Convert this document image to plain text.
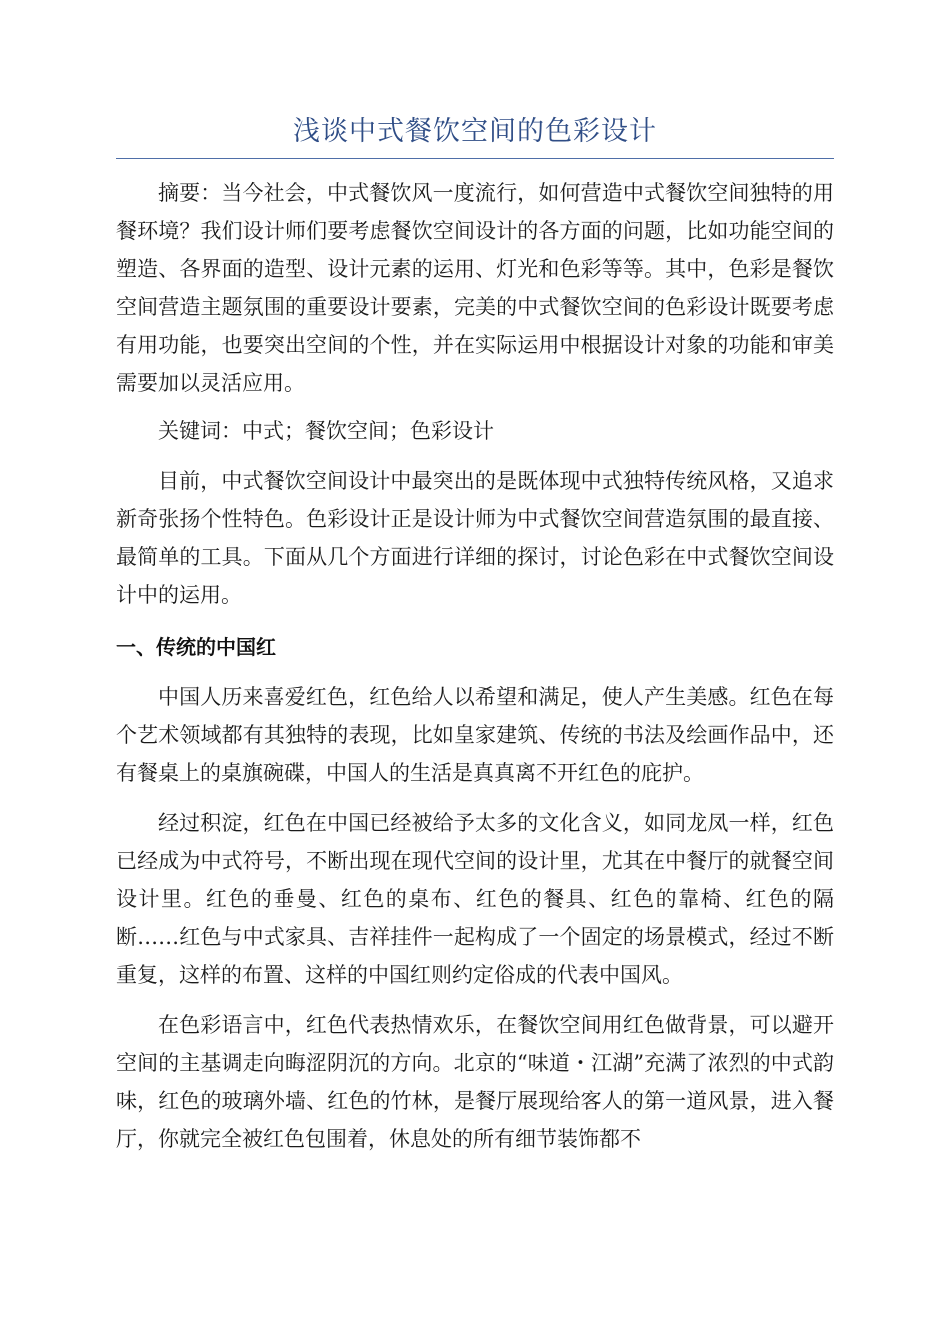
浅谈中式餐饮空间的色彩设计

摘要：当今社会，中式餐饮风一度流行，如何营造中式餐饮空间独特的用餐环境？我们设计师们要考虑餐饮空间设计的各方面的问题，比如功能空间的塑造、各界面的造型、设计元素的运用、灯光和色彩等等。其中，色彩是餐饮空间营造主题氛围的重要设计要素，完美的中式餐饮空间的色彩设计既要考虑有用功能，也要突出空间的个性，并在实际运用中根据设计对象的功能和审美需要加以灵活应用。

关键词：中式；餐饮空间；色彩设计

目前，中式餐饮空间设计中最突出的是既体现中式独特传统风格，又追求新奇张扬个性特色。色彩设计正是设计师为中式餐饮空间营造氛围的最直接、最简单的工具。下面从几个方面进行详细的探讨，讨论色彩在中式餐饮空间设计中的运用。

一、传统的中国红

中国人历来喜爱红色，红色给人以希望和满足，使人产生美感。红色在每个艺术领域都有其独特的表现，比如皇家建筑、传统的书法及绘画作品中，还有餐桌上的桌旗碗碟，中国人的生活是真真离不开红色的庇护。

经过积淀，红色在中国已经被给予太多的文化含义，如同龙凤一样，红色已经成为中式符号，不断出现在现代空间的设计里，尤其在中餐厅的就餐空间设计里。红色的垂曼、红色的桌布、红色的餐具、红色的靠椅、红色的隔断……红色与中式家具、吉祥挂件一起构成了一个固定的场景模式，经过不断重复，这样的布置、这样的中国红则约定俗成的代表中国风。

在色彩语言中，红色代表热情欢乐，在餐饮空间用红色做背景，可以避开空间的主基调走向晦涩阴沉的方向。北京的“味道・江湖”充满了浓烈的中式韵味，红色的玻璃外墙、红色的竹林，是餐厅展现给客人的第一道风景，进入餐厅，你就完全被红色包围着，休息处的所有细节装饰都不
